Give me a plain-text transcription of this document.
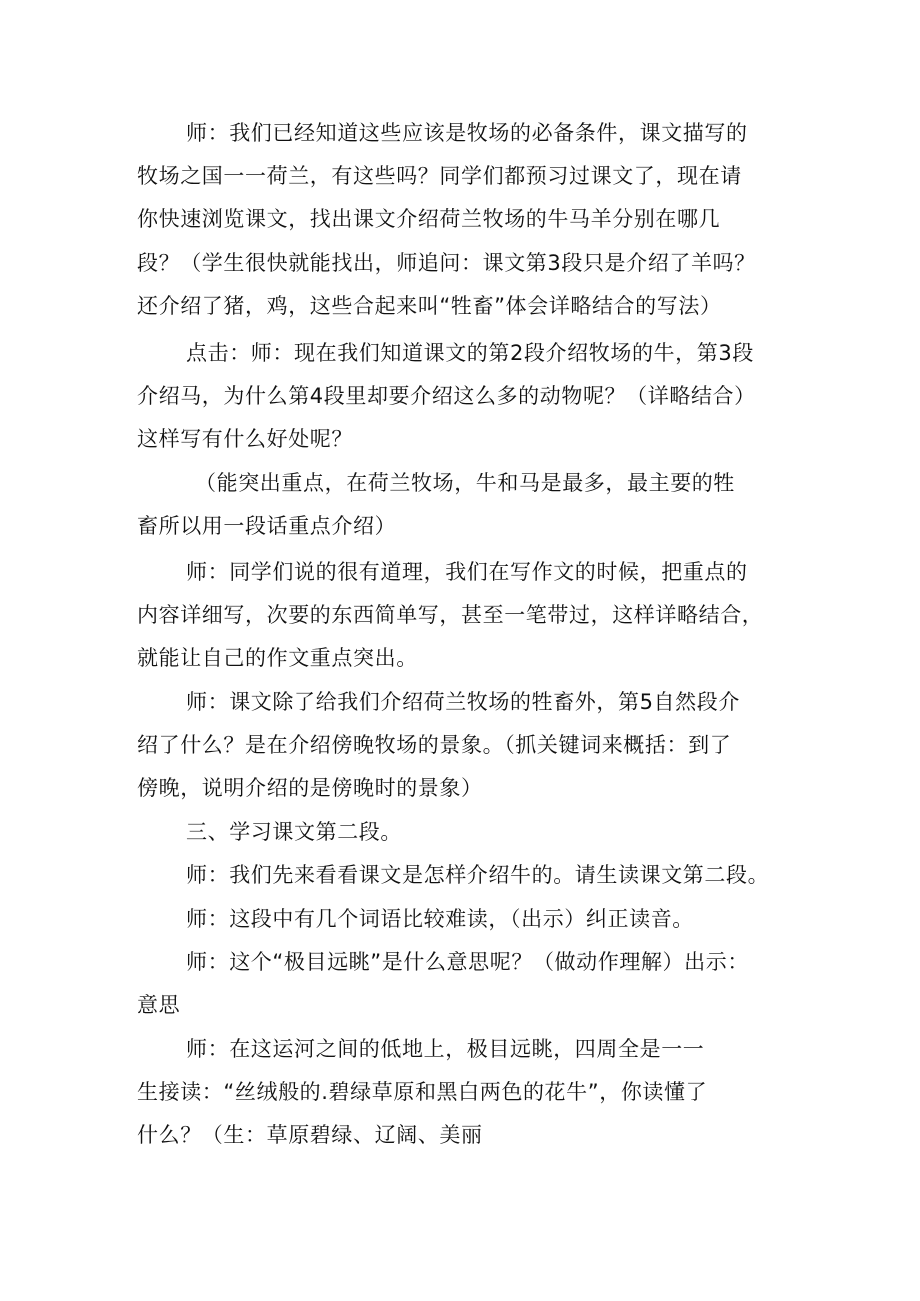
师：我们已经知道这些应该是牧场的必备条件，课文描写的
牧场之国一一荷兰，有这些吗？同学们都预习过课文了，现在请
你快速浏览课文，找出课文介绍荷兰牧场的牛马羊分别在哪几
段？（学生很快就能找出，师追问：课文第3段只是介绍了羊吗？
还介绍了猪，鸡，这些合起来叫“牲畜”体会详略结合的写法）
点击：师：现在我们知道课文的第2段介绍牧场的牛，第3段
介绍马，为什么第4段里却要介绍这么多的动物呢？（详略结合）
这样写有什么好处呢？
（能突出重点，在荷兰牧场，牛和马是最多，最主要的牲
畜所以用一段话重点介绍）
师：同学们说的很有道理，我们在写作文的时候，把重点的
内容详细写，次要的东西简单写，甚至一笔带过，这样详略结合，
就能让自己的作文重点突出。
师：课文除了给我们介绍荷兰牧场的牲畜外，第5自然段介
绍了什么？是在介绍傍晚牧场的景象。（抓关键词来概括：到了
傍晚，说明介绍的是傍晚时的景象）
三、学习课文第二段。
师：我们先来看看课文是怎样介绍牛的。请生读课文第二段。
师：这段中有几个词语比较难读，（出示）纠正读音。
师：这个“极目远眺”是什么意思呢？（做动作理解）出示：
意思
师：在这运河之间的低地上，极目远眺，四周全是一一
生接读：“丝绒般的.碧绿草原和黑白两色的花牛”，你读懂了
什么？（生：草原碧绿、辽阔、美丽
